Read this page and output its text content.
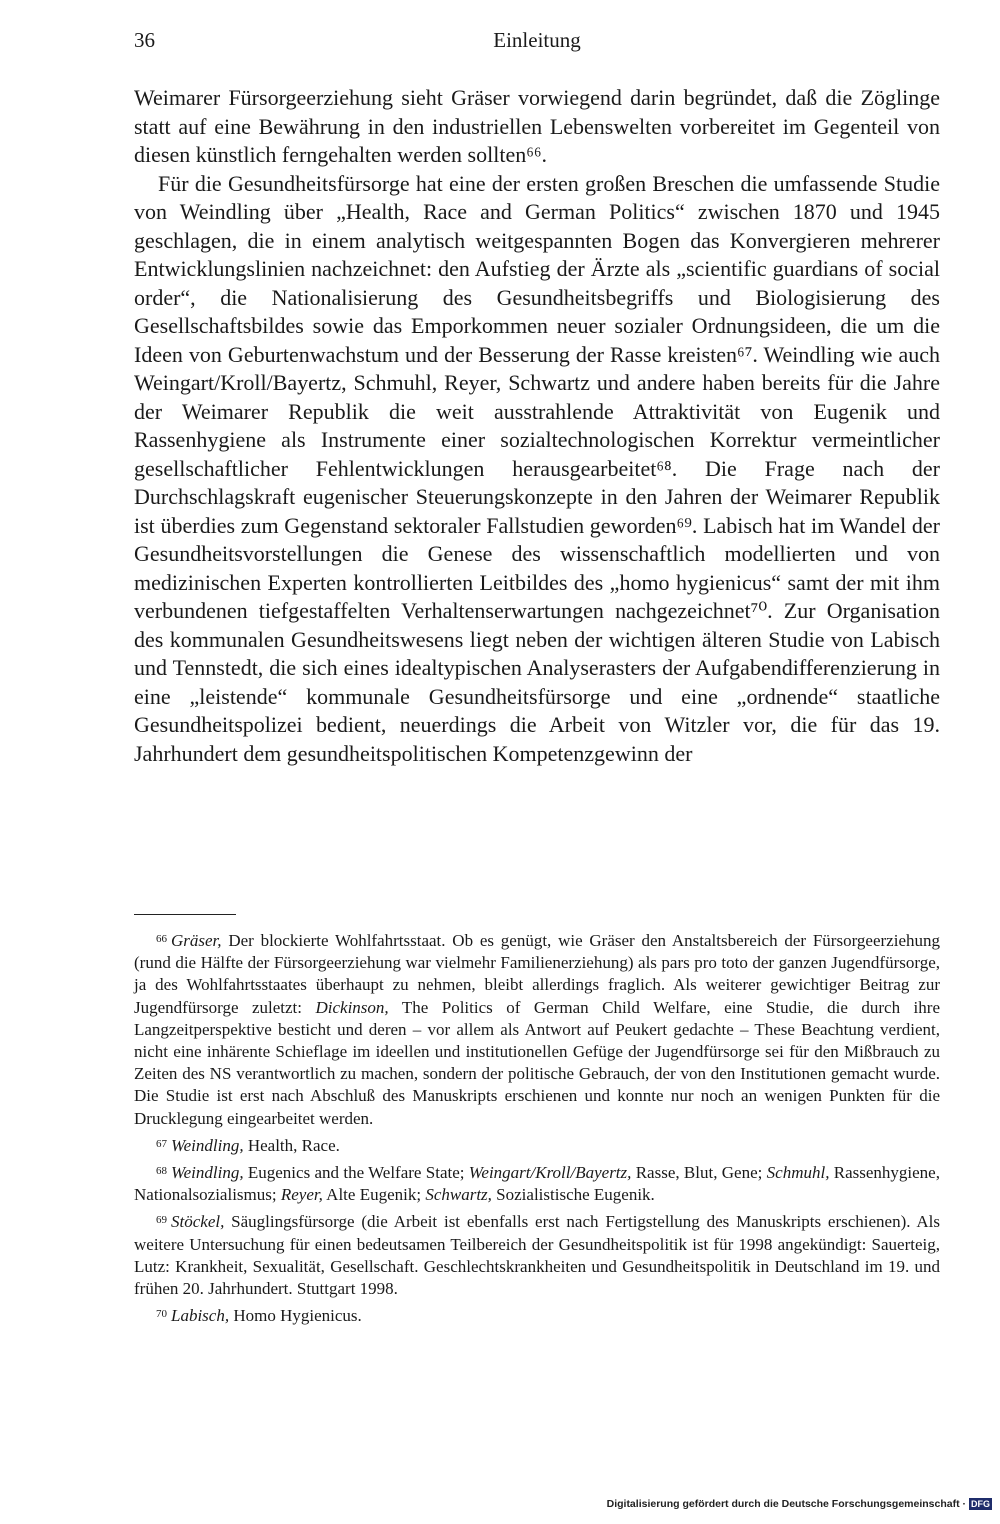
36	Einleitung

Weimarer Fürsorgeerziehung sieht Gräser vorwiegend darin begründet, daß die Zöglinge statt auf eine Bewährung in den industriellen Lebenswelten vorbereitet im Gegenteil von diesen künstlich ferngehalten werden sollten⁶⁶.

Für die Gesundheitsfürsorge hat eine der ersten großen Breschen die umfassende Studie von Weindling über „Health, Race and German Politics“ zwischen 1870 und 1945 geschlagen, die in einem analytisch weitgespannten Bogen das Konvergieren mehrerer Entwicklungslinien nachzeichnet: den Aufstieg der Ärzte als „scientific guardians of social order“, die Nationalisierung des Gesundheitsbegriffs und Biologisierung des Gesellschaftsbildes sowie das Emporkommen neuer sozialer Ordnungsideen, die um die Ideen von Geburtenwachstum und der Besserung der Rasse kreisten⁶⁷. Weindling wie auch Weingart/Kroll/Bayertz, Schmuhl, Reyer, Schwartz und andere haben bereits für die Jahre der Weimarer Republik die weit ausstrahlende Attraktivität von Eugenik und Rassenhygiene als Instrumente einer sozialtechnologischen Korrektur vermeintlicher gesellschaftlicher Fehlentwicklungen herausgearbeitet⁶⁸. Die Frage nach der Durchschlagskraft eugenischer Steuerungskonzepte in den Jahren der Weimarer Republik ist überdies zum Gegenstand sektoraler Fallstudien geworden⁶⁹. Labisch hat im Wandel der Gesundheitsvorstellungen die Genese des wissenschaftlich modellierten und von medizinischen Experten kontrollierten Leitbildes des „homo hygienicus“ samt der mit ihm verbundenen tiefgestaffelten Verhaltenserwartungen nachgezeichnet⁷⁰. Zur Organisation des kommunalen Gesundheitswesens liegt neben der wichtigen älteren Studie von Labisch und Tennstedt, die sich eines idealtypischen Analyserasters der Aufgabendifferenzierung in eine „leistende“ kommunale Gesundheitsfürsorge und eine „ordnende“ staatliche Gesundheitspolizei bedient, neuerdings die Arbeit von Witzler vor, die für das 19. Jahrhundert dem gesundheitspolitischen Kompetenzgewinn der

$^{66}$ Gräser, Der blockierte Wohlfahrtsstaat. Ob es genügt, wie Gräser den Anstaltsbereich der Fürsorgeerziehung (rund die Hälfte der Fürsorgeerziehung war vielmehr Familienerziehung) als pars pro toto der ganzen Jugendfürsorge, ja des Wohlfahrtsstaates überhaupt zu nehmen, bleibt allerdings fraglich. Als weiterer gewichtiger Beitrag zur Jugendfürsorge zuletzt: Dickinson, The Politics of German Child Welfare, eine Studie, die durch ihre Langzeitperspektive besticht und deren – vor allem als Antwort auf Peukert gedachte – These Beachtung verdient, nicht eine inhärente Schieflage im ideellen und institutionellen Gefüge der Jugendfürsorge sei für den Mißbrauch zu Zeiten des NS verantwortlich zu machen, sondern der politische Gebrauch, der von den Institutionen gemacht wurde. Die Studie ist erst nach Abschluß des Manuskripts erschienen und konnte nur noch an wenigen Punkten für die Drucklegung eingearbeitet werden.

$^{67}$ Weindling, Health, Race.

$^{68}$ Weindling, Eugenics and the Welfare State; Weingart/Kroll/Bayertz, Rasse, Blut, Gene; Schmuhl, Rassenhygiene, Nationalsozialismus; Reyer, Alte Eugenik; Schwartz, Sozialistische Eugenik.

$^{69}$ Stöckel, Säuglingsfürsorge (die Arbeit ist ebenfalls erst nach Fertigstellung des Manuskripts erschienen). Als weitere Untersuchung für einen bedeutsamen Teilbereich der Gesundheitspolitik ist für 1998 angekündigt: Sauerteig, Lutz: Krankheit, Sexualität, Gesellschaft. Geschlechtskrankheiten und Gesundheitspolitik in Deutschland im 19. und frühen 20. Jahrhundert. Stuttgart 1998.

$^{70}$ Labisch, Homo Hygienicus.

Digitalisierung gefördert durch die Deutsche Forschungsgemeinschaft · DFG
